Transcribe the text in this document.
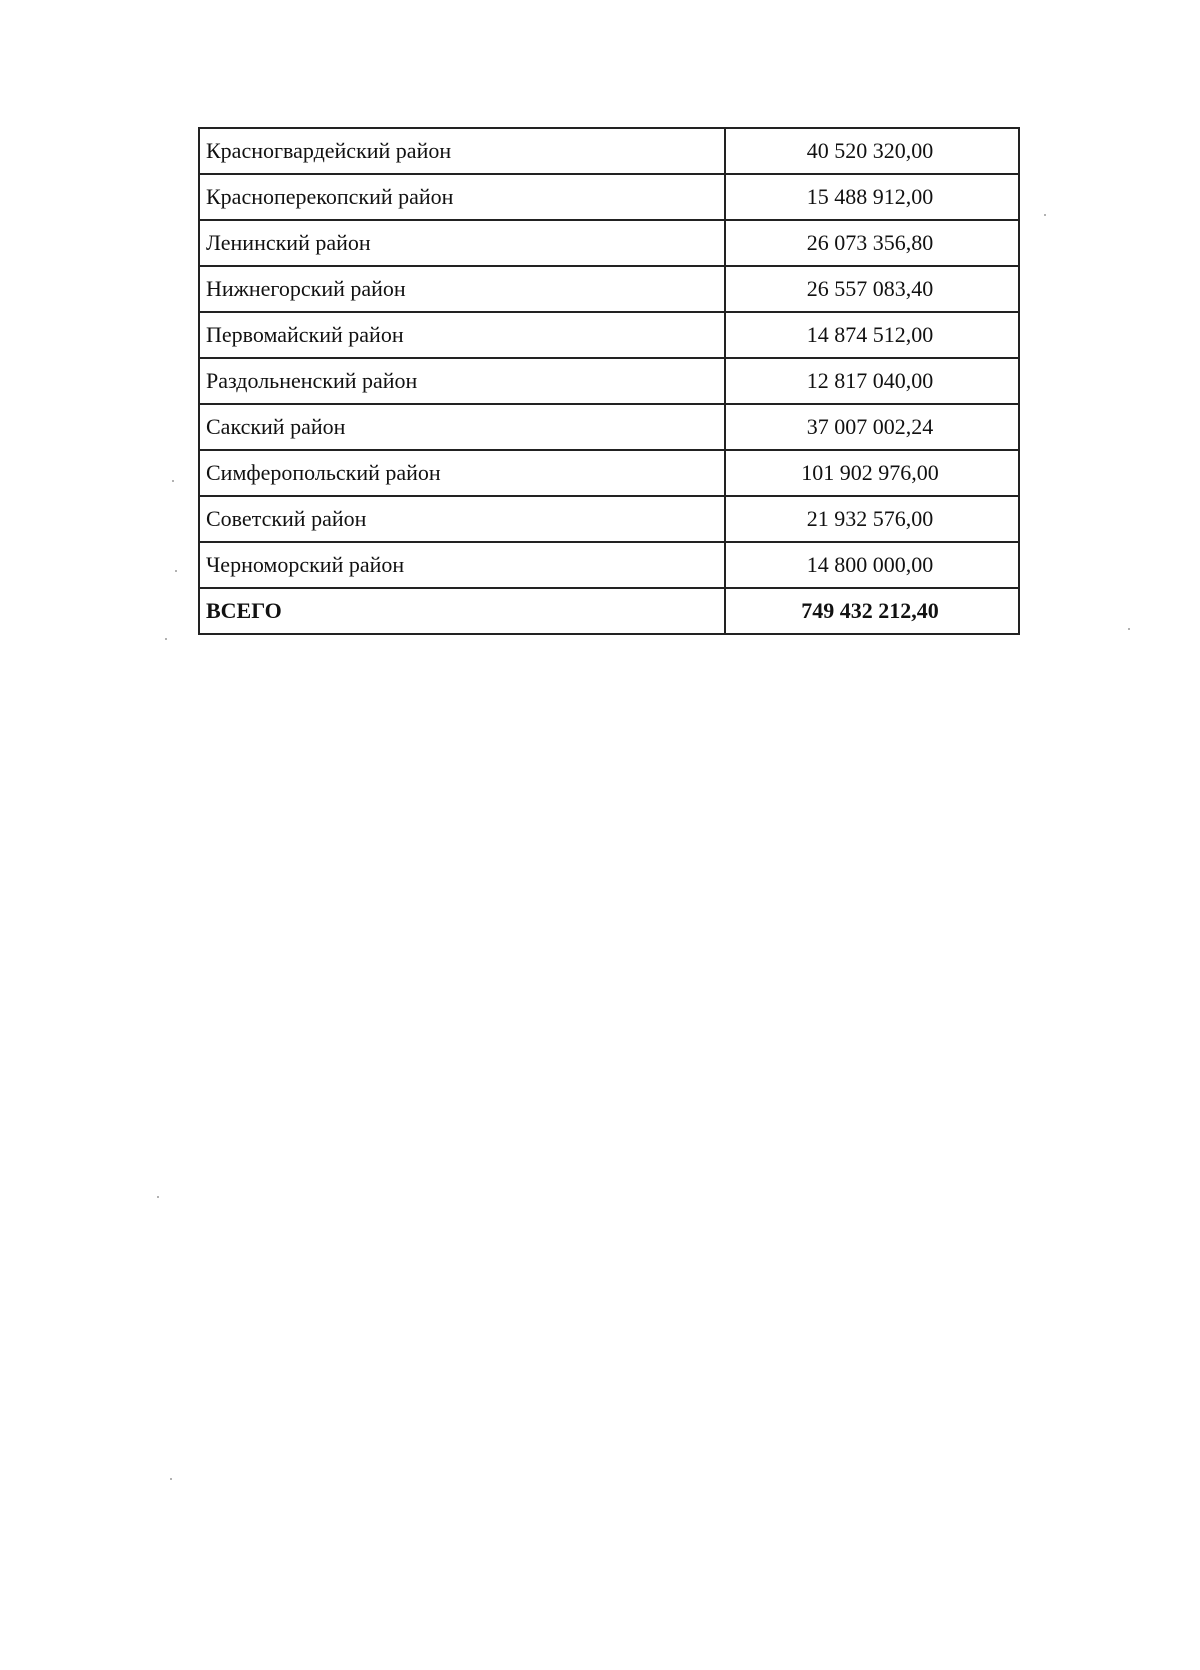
Красногвардейский район	40 520 320,00
Красноперекопский район	15 488 912,00
Ленинский район	26 073 356,80
Нижнегорский район	26 557 083,40
Первомайский район	14 874 512,00
Раздольненский район	12 817 040,00
Сакский район	37 007 002,24
Симферопольский район	101 902 976,00
Советский район	21 932 576,00
Черноморский район	14 800 000,00
ВСЕГО	749 432 212,40
